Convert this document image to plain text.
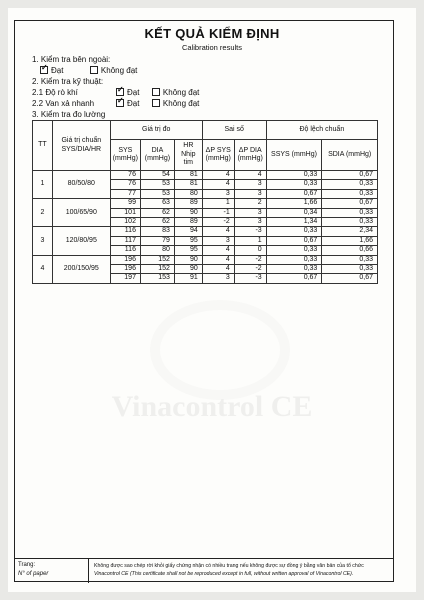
Vinacontrol CE
KẾT QUẢ KIỂM ĐỊNH
Calibration results
1. Kiểm tra bên ngoài:
✓Đạt	Không đạt
2. Kiểm tra kỹ thuật:
2.1 Độ rò khí ✓	Đạt	Không đạt
2.2 Van xả nhanh ✓	Đạt	Không đạt
3. Kiểm tra đo lường
TT	Giá trị chuẩn SYS/DIA/HR	Giá trị đo			Sai số		Độ lệch chuẩn	
		SYS (mmHg)	DIA (mmHg)	HR Nhịp tim	ΔP SYS (mmHg)	ΔP DIA (mmHg)	SSYS (mmHg)	SDIA (mmHg)
1	80/50/80	76	54	81	4	4	0,33	0,67
		76	53	81	4	3	0,33	0,33
		77	53	80	3	3	0,67	0,33
2	100/65/90	99	63	89	1	2	1,66	0,67
		101	62	90	-1	3	0,34	0,33
		102	62	89	-2	3	1,34	0,33
3	120/80/95	116	83	94	4	-3	0,33	2,34
		117	79	95	3	1	0,67	1,66
		116	80	95	4	0	0,33	0,66
4	200/150/95	196	152	90	4	-2	0,33	0,33
		196	152	90	4	-2	0,33	0,33
		197	153	91	3	-3	0,67	0,67
Trang:
N° of paper
Không được sao chép rời khỏi giấy chứng nhận có nhiều trang nếu không được sự đồng ý bằng văn bản của tổ chức
Vinacontrol CE (This certificate shall not be reproduced except in full, without written approval of Vinacontrol CE).
